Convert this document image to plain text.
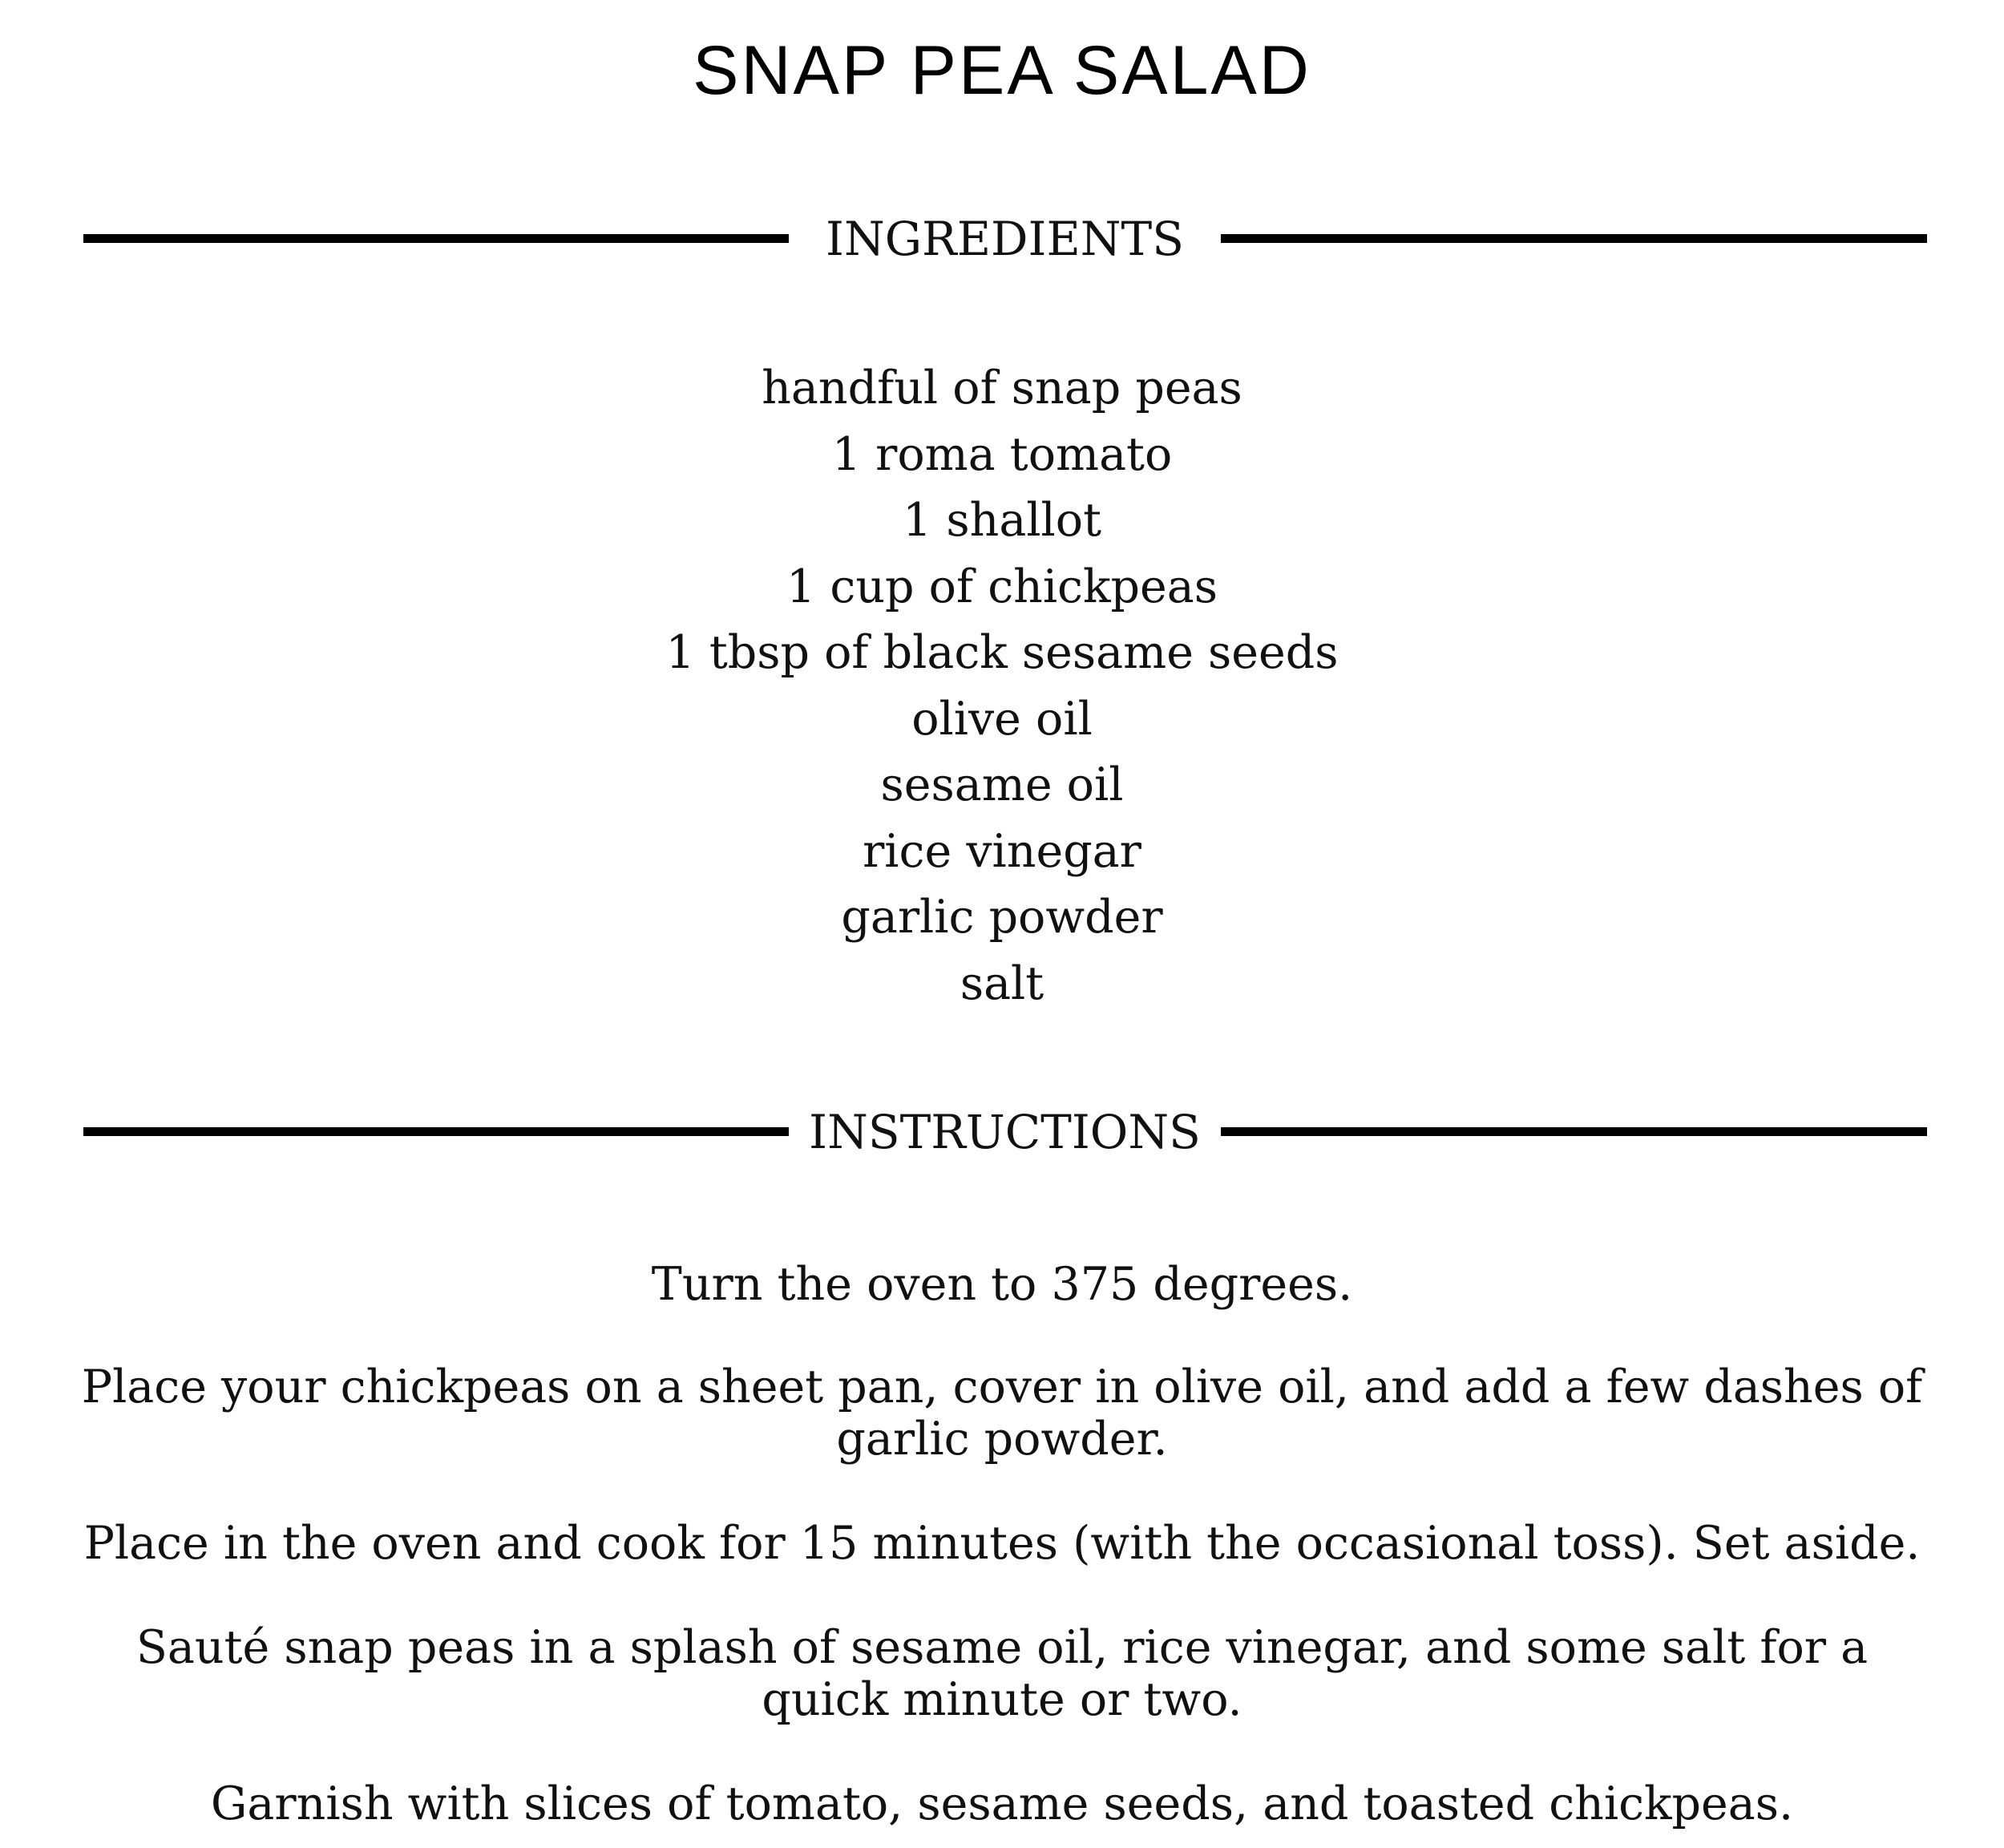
SNAP PEA SALAD
INGREDIENTS
handful of snap peas
1 roma tomato
1 shallot
1 cup of chickpeas
1 tbsp of black sesame seeds
olive oil
sesame oil
rice vinegar
garlic powder
salt
INSTRUCTIONS

Turn the oven to 375 degrees.

Place your chickpeas on a sheet pan, cover in olive oil, and add a few dashes of garlic powder.

Place in the oven and cook for 15 minutes (with the occasional toss). Set aside.

Sauté snap peas in a splash of sesame oil, rice vinegar, and some salt for a quick minute or two.

Garnish with slices of tomato, sesame seeds, and toasted chickpeas.
